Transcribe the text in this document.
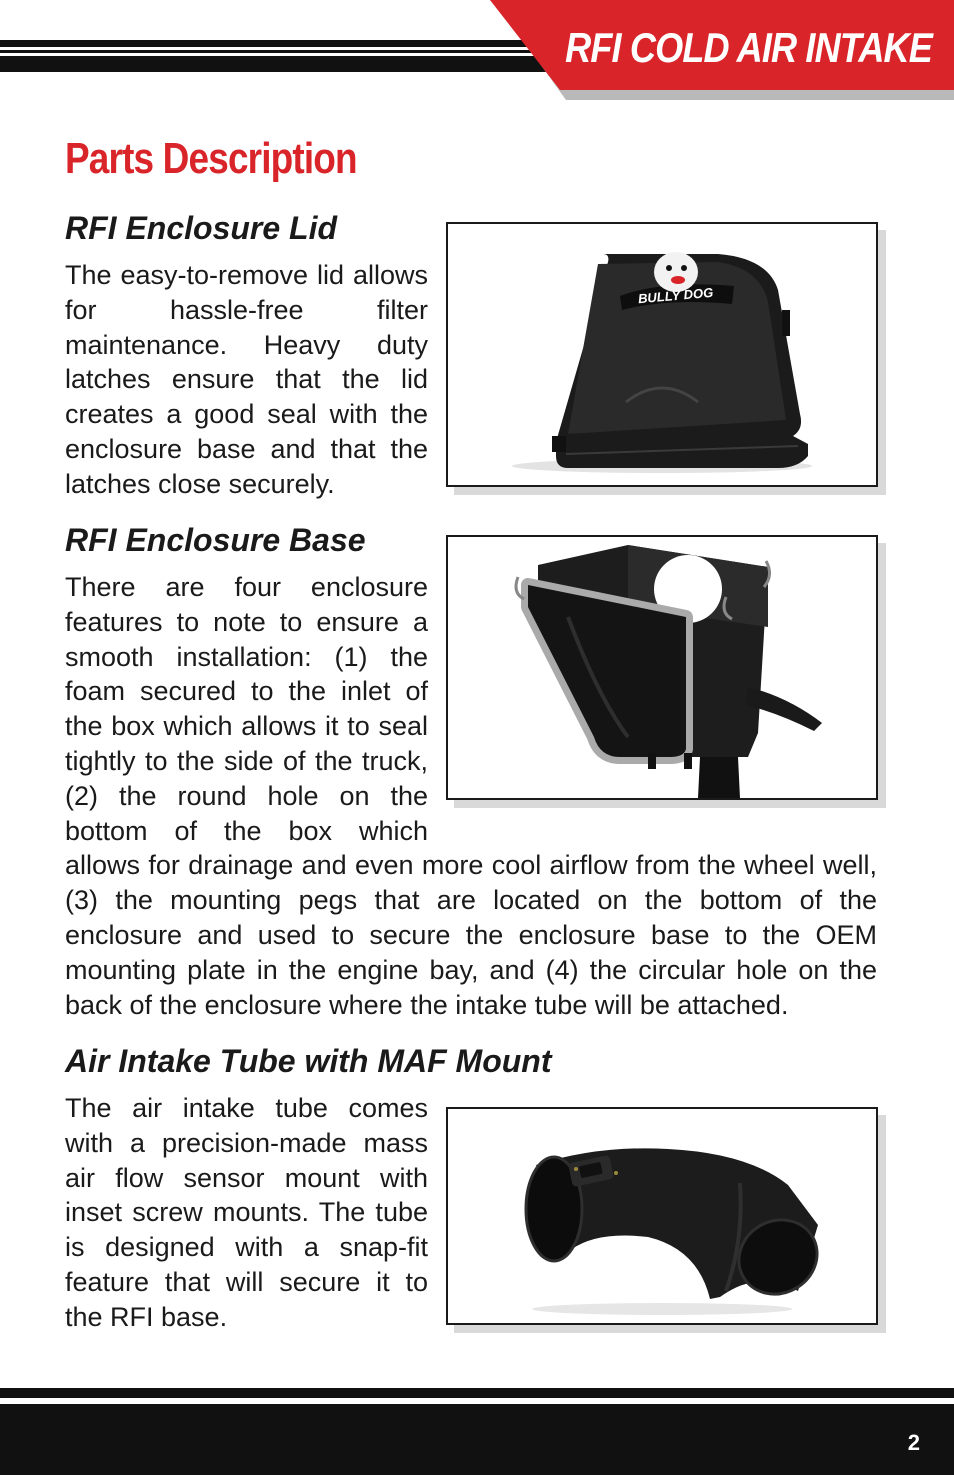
RFI COLD AIR INTAKE
Parts Description
RFI Enclosure Lid

The easy-to-remove lid allows for hassle-free filter maintenance. Heavy duty latches ensure that the lid creates a good seal with the enclosure base and that the latches close securely.

BULLY DOG
RFI Enclosure Base

There are four enclosure features to note to ensure a smooth installation: (1) the foam secured to the inlet of the box which allows it to seal tightly to the side of the truck, (2) the round hole on the bottom of the box which allows for drainage and even more cool airflow from the wheel well, (3) the mounting pegs that are located on the bottom of the enclosure and used to secure the enclosure base to the OEM mounting plate in the engine bay, and (4) the circular hole on the back of the enclosure where the intake tube will be attached.

Air Intake Tube with MAF Mount

The air intake tube comes with a precision-made mass air flow sensor mount with inset screw mounts. The tube is designed with a snap-fit feature that will secure it to the RFI base.

2
